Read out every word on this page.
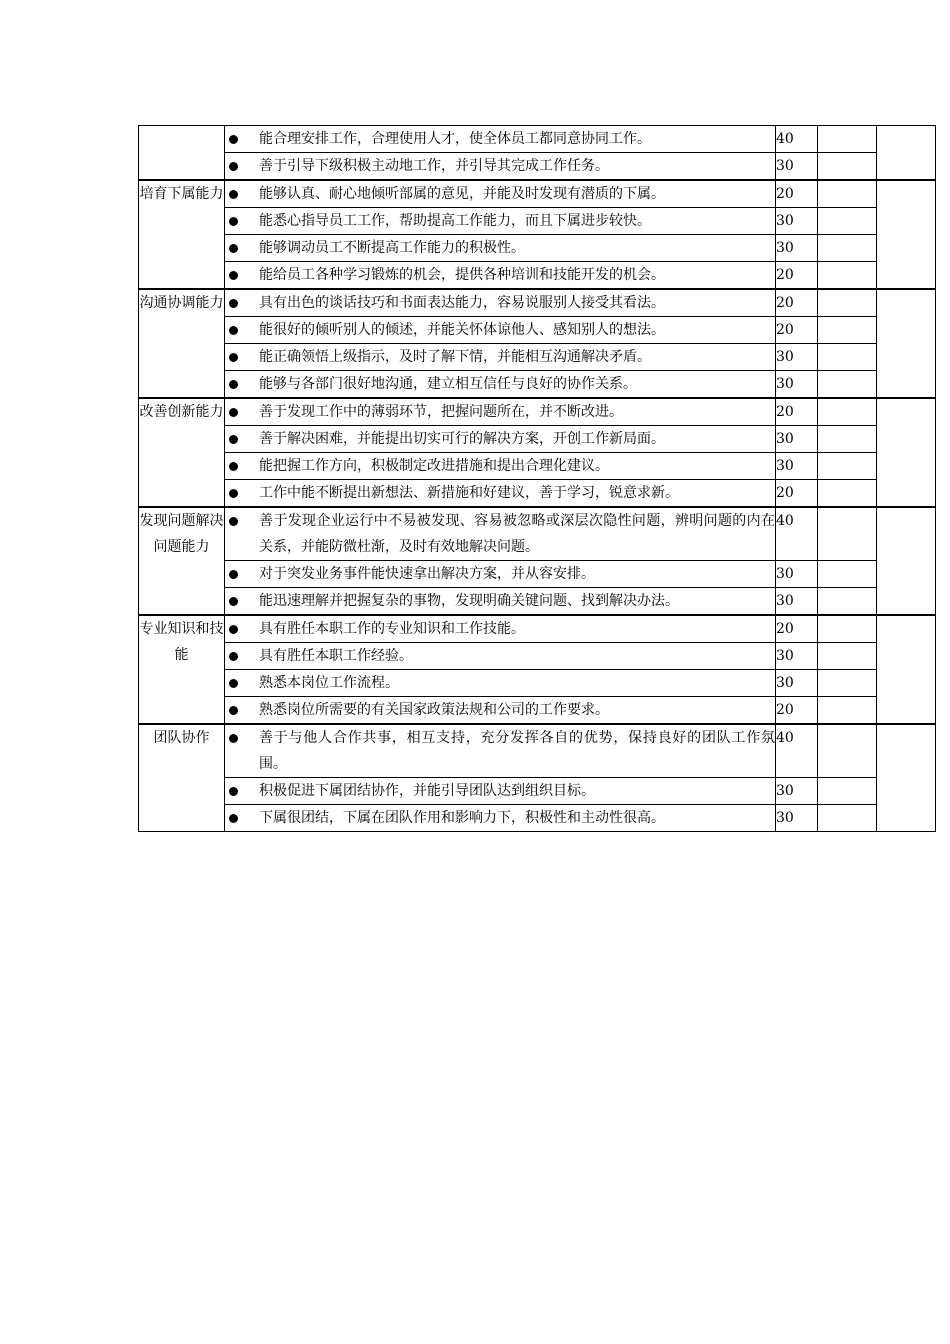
	能合理安排工作，合理使用人才，使全体员工都同意协同工作。	40		

	善于引导下级积极主动地工作，并引导其完成工作任务。	30		
培育下属能力	能够认真、耐心地倾听部属的意见，并能及时发现有潜质的下属。	20		

	能悉心指导员工工作，帮助提高工作能力，而且下属进步较快。	30		

	能够调动员工不断提高工作能力的积极性。	30		

	能给员工各种学习锻炼的机会，提供各种培训和技能开发的机会。	20		
沟通协调能力	具有出色的谈话技巧和书面表达能力，容易说服别人接受其看法。	20		

	能很好的倾听别人的倾述，并能关怀体谅他人、感知别人的想法。	20		

	能正确领悟上级指示，及时了解下情，并能相互沟通解决矛盾。	30		

	能够与各部门很好地沟通，建立相互信任与良好的协作关系。	30		
改善创新能力	善于发现工作中的薄弱环节，把握问题所在，并不断改进。	20		

	善于解决困难，并能提出切实可行的解决方案，开创工作新局面。	30		

	能把握工作方向，积极制定改进措施和提出合理化建议。	30		

	工作中能不断提出新想法、新措施和好建议，善于学习，锐意求新。	20		
发现问题解决问题能力	善于发现企业运行中不易被发现、容易被忽略或深层次隐性问题，辨明问题的内在关系，并能防微杜渐，及时有效地解决问题。	40		

	对于突发业务事件能快速拿出解决方案，并从容安排。	30		

	能迅速理解并把握复杂的事物，发现明确关键问题、找到解决办法。	30		
专业知识和技能	具有胜任本职工作的专业知识和工作技能。	20		

	具有胜任本职工作经验。	30		

	熟悉本岗位工作流程。	30		

	熟悉岗位所需要的有关国家政策法规和公司的工作要求。	20		
团队协作	善于与他人合作共事，相互支持，充分发挥各自的优势，保持良好的团队工作氛围。	40		

	积极促进下属团结协作，并能引导团队达到组织目标。	30		

	下属很团结，下属在团队作用和影响力下，积极性和主动性很高。	30		
